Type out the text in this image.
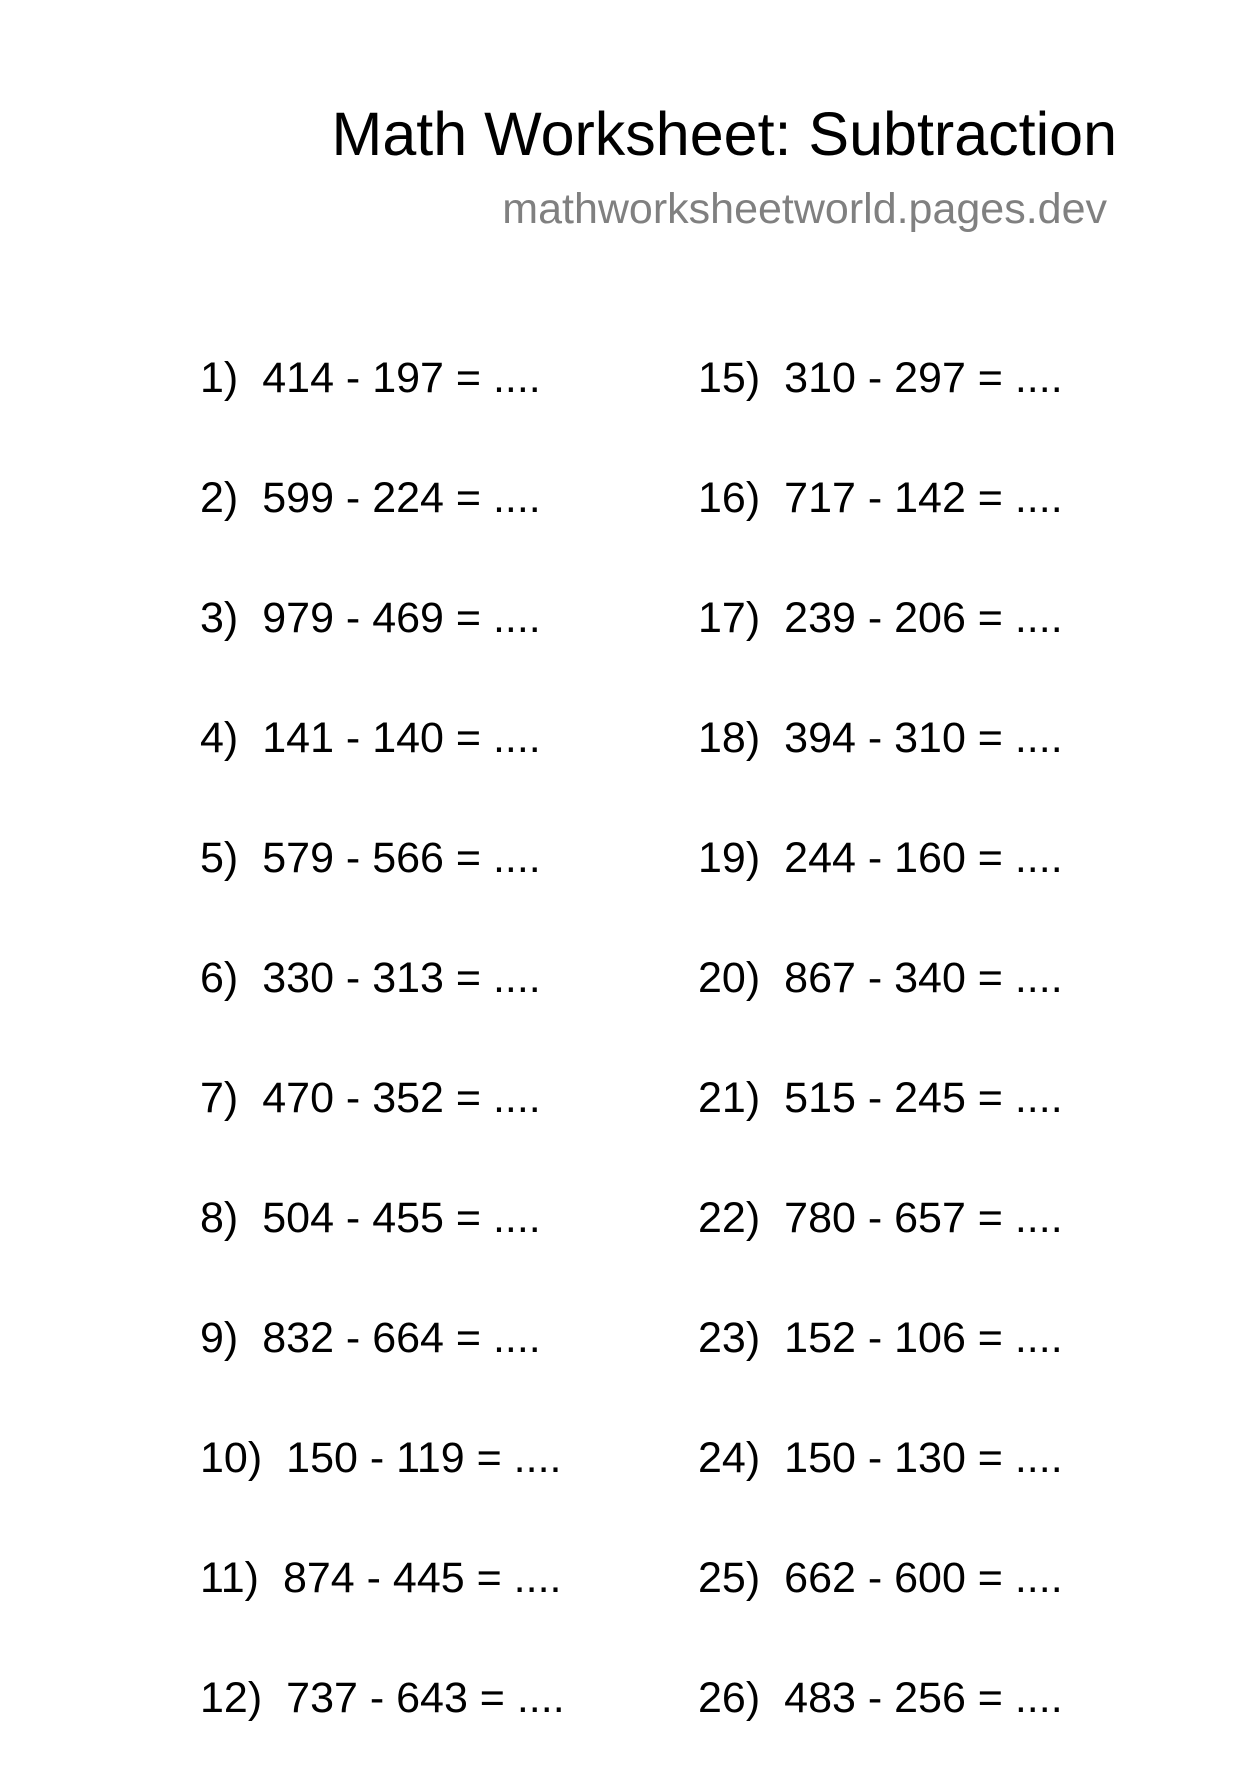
Math Worksheet: Subtraction
mathworksheetworld.pages.dev
1) 414 - 197 = ....
2) 599 - 224 = ....
3) 979 - 469 = ....
4) 141 - 140 = ....
5) 579 - 566 = ....
6) 330 - 313 = ....
7) 470 - 352 = ....
8) 504 - 455 = ....
9) 832 - 664 = ....
10) 150 - 119 = ....
11) 874 - 445 = ....
12) 737 - 643 = ....
15) 310 - 297 = ....
16) 717 - 142 = ....
17) 239 - 206 = ....
18) 394 - 310 = ....
19) 244 - 160 = ....
20) 867 - 340 = ....
21) 515 - 245 = ....
22) 780 - 657 = ....
23) 152 - 106 = ....
24) 150 - 130 = ....
25) 662 - 600 = ....
26) 483 - 256 = ....
